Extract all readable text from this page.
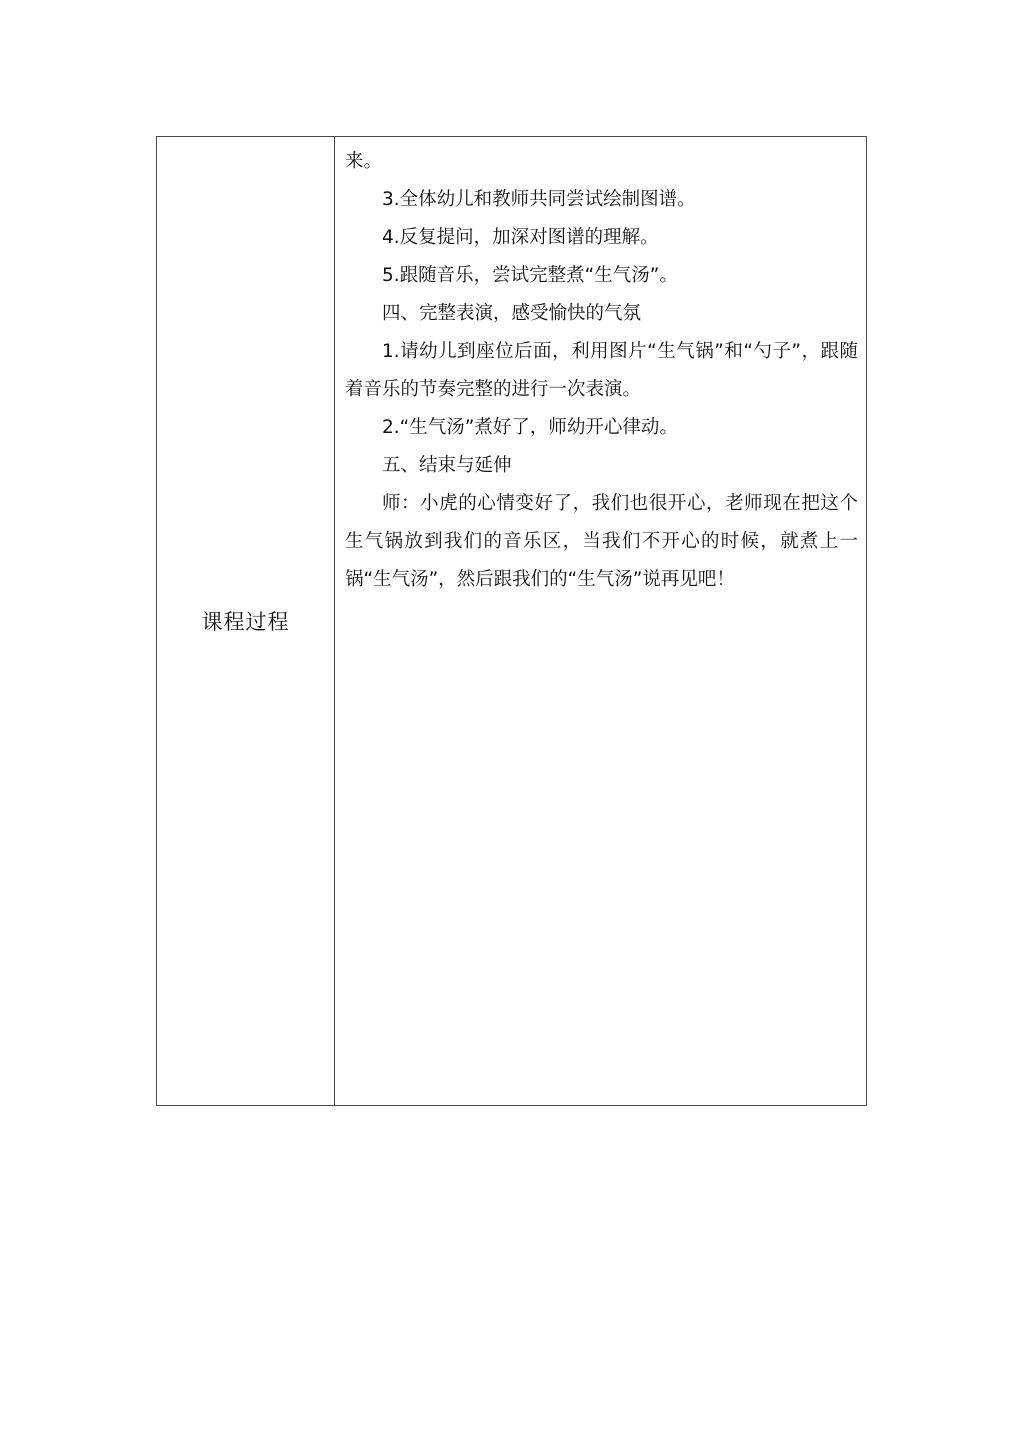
课程过程	

来。

3.全体幼儿和教师共同尝试绘制图谱。

4.反复提问，加深对图谱的理解。

5.跟随音乐，尝试完整煮“生气汤”。

四、完整表演，感受愉快的气氛

1.请幼儿到座位后面，利用图片“生气锅”和“勺子”，跟随着音乐的节奏完整的进行一次表演。

2.“生气汤”煮好了，师幼开心律动。

五、结束与延伸

师：小虎的心情变好了，我们也很开心，老师现在把这个生气锅放到我们的音乐区，当我们不开心的时候，就煮上一锅“生气汤”，然后跟我们的“生气汤”说再见吧！
